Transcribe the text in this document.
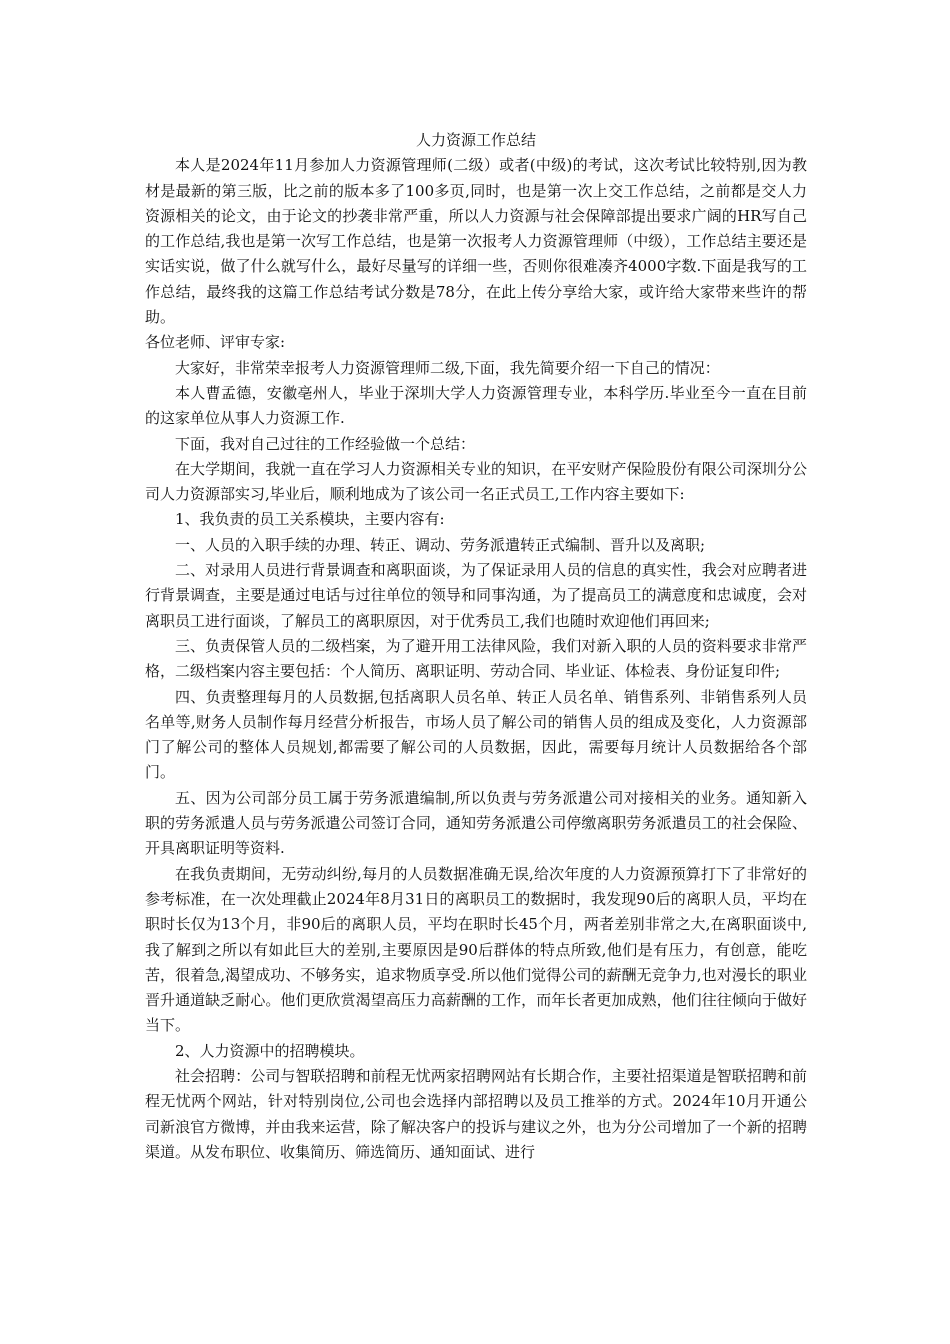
人力资源工作总结

本人是2024年11月参加人力资源管理师(二级）或者(中级)的考试，这次考试比较特别,因为教材是最新的第三版，比之前的版本多了100多页,同时，也是第一次上交工作总结，之前都是交人力资源相关的论文，由于论文的抄袭非常严重，所以人力资源与社会保障部提出要求广阔的HR写自己的工作总结,我也是第一次写工作总结，也是第一次报考人力资源管理师（中级），工作总结主要还是实话实说，做了什么就写什么，最好尽量写的详细一些，否则你很难凑齐4000字数.下面是我写的工作总结，最终我的这篇工作总结考试分数是78分，在此上传分享给大家，或许给大家带来些许的帮助。

各位老师、评审专家:

大家好，非常荣幸报考人力资源管理师二级,下面，我先简要介绍一下自己的情况：

本人曹孟德，安徽亳州人，毕业于深圳大学人力资源管理专业，本科学历.毕业至今一直在目前的这家单位从事人力资源工作.

下面，我对自己过往的工作经验做一个总结：

在大学期间，我就一直在学习人力资源相关专业的知识，在平安财产保险股份有限公司深圳分公司人力资源部实习,毕业后，顺利地成为了该公司一名正式员工,工作内容主要如下:

1、我负责的员工关系模块，主要内容有:

一、人员的入职手续的办理、转正、调动、劳务派遣转正式编制、晋升以及离职;

二、对录用人员进行背景调查和离职面谈，为了保证录用人员的信息的真实性，我会对应聘者进行背景调查，主要是通过电话与过往单位的领导和同事沟通，为了提高员工的满意度和忠诚度，会对离职员工进行面谈，了解员工的离职原因，对于优秀员工,我们也随时欢迎他们再回来;

三、负责保管人员的二级档案，为了避开用工法律风险，我们对新入职的人员的资料要求非常严格，二级档案内容主要包括：个人简历、离职证明、劳动合同、毕业证、体检表、身份证复印件;

四、负责整理每月的人员数据,包括离职人员名单、转正人员名单、销售系列、非销售系列人员名单等,财务人员制作每月经营分析报告，市场人员了解公司的销售人员的组成及变化，人力资源部门了解公司的整体人员规划,都需要了解公司的人员数据，因此，需要每月统计人员数据给各个部门。

五、因为公司部分员工属于劳务派遣编制,所以负责与劳务派遣公司对接相关的业务。通知新入职的劳务派遣人员与劳务派遣公司签订合同，通知劳务派遣公司停缴离职劳务派遣员工的社会保险、开具离职证明等资料.

在我负责期间，无劳动纠纷,每月的人员数据准确无误,给次年度的人力资源预算打下了非常好的参考标准，在一次处理截止2024年8月31日的离职员工的数据时，我发现90后的离职人员，平均在职时长仅为13个月，非90后的离职人员，平均在职时长45个月，两者差别非常之大,在离职面谈中,我了解到之所以有如此巨大的差别,主要原因是90后群体的特点所致,他们是有压力，有创意，能吃苦，很着急,渴望成功、不够务实，追求物质享受.所以他们觉得公司的薪酬无竞争力,也对漫长的职业晋升通道缺乏耐心。他们更欣赏渴望高压力高薪酬的工作，而年长者更加成熟，他们往往倾向于做好当下。

2、人力资源中的招聘模块。

社会招聘：公司与智联招聘和前程无忧两家招聘网站有长期合作，主要社招渠道是智联招聘和前程无忧两个网站，针对特别岗位,公司也会选择内部招聘以及员工推举的方式。2024年10月开通公司新浪官方微博，并由我来运营，除了解决客户的投诉与建议之外，也为分公司增加了一个新的招聘渠道。从发布职位、收集简历、筛选简历、通知面试、进行
